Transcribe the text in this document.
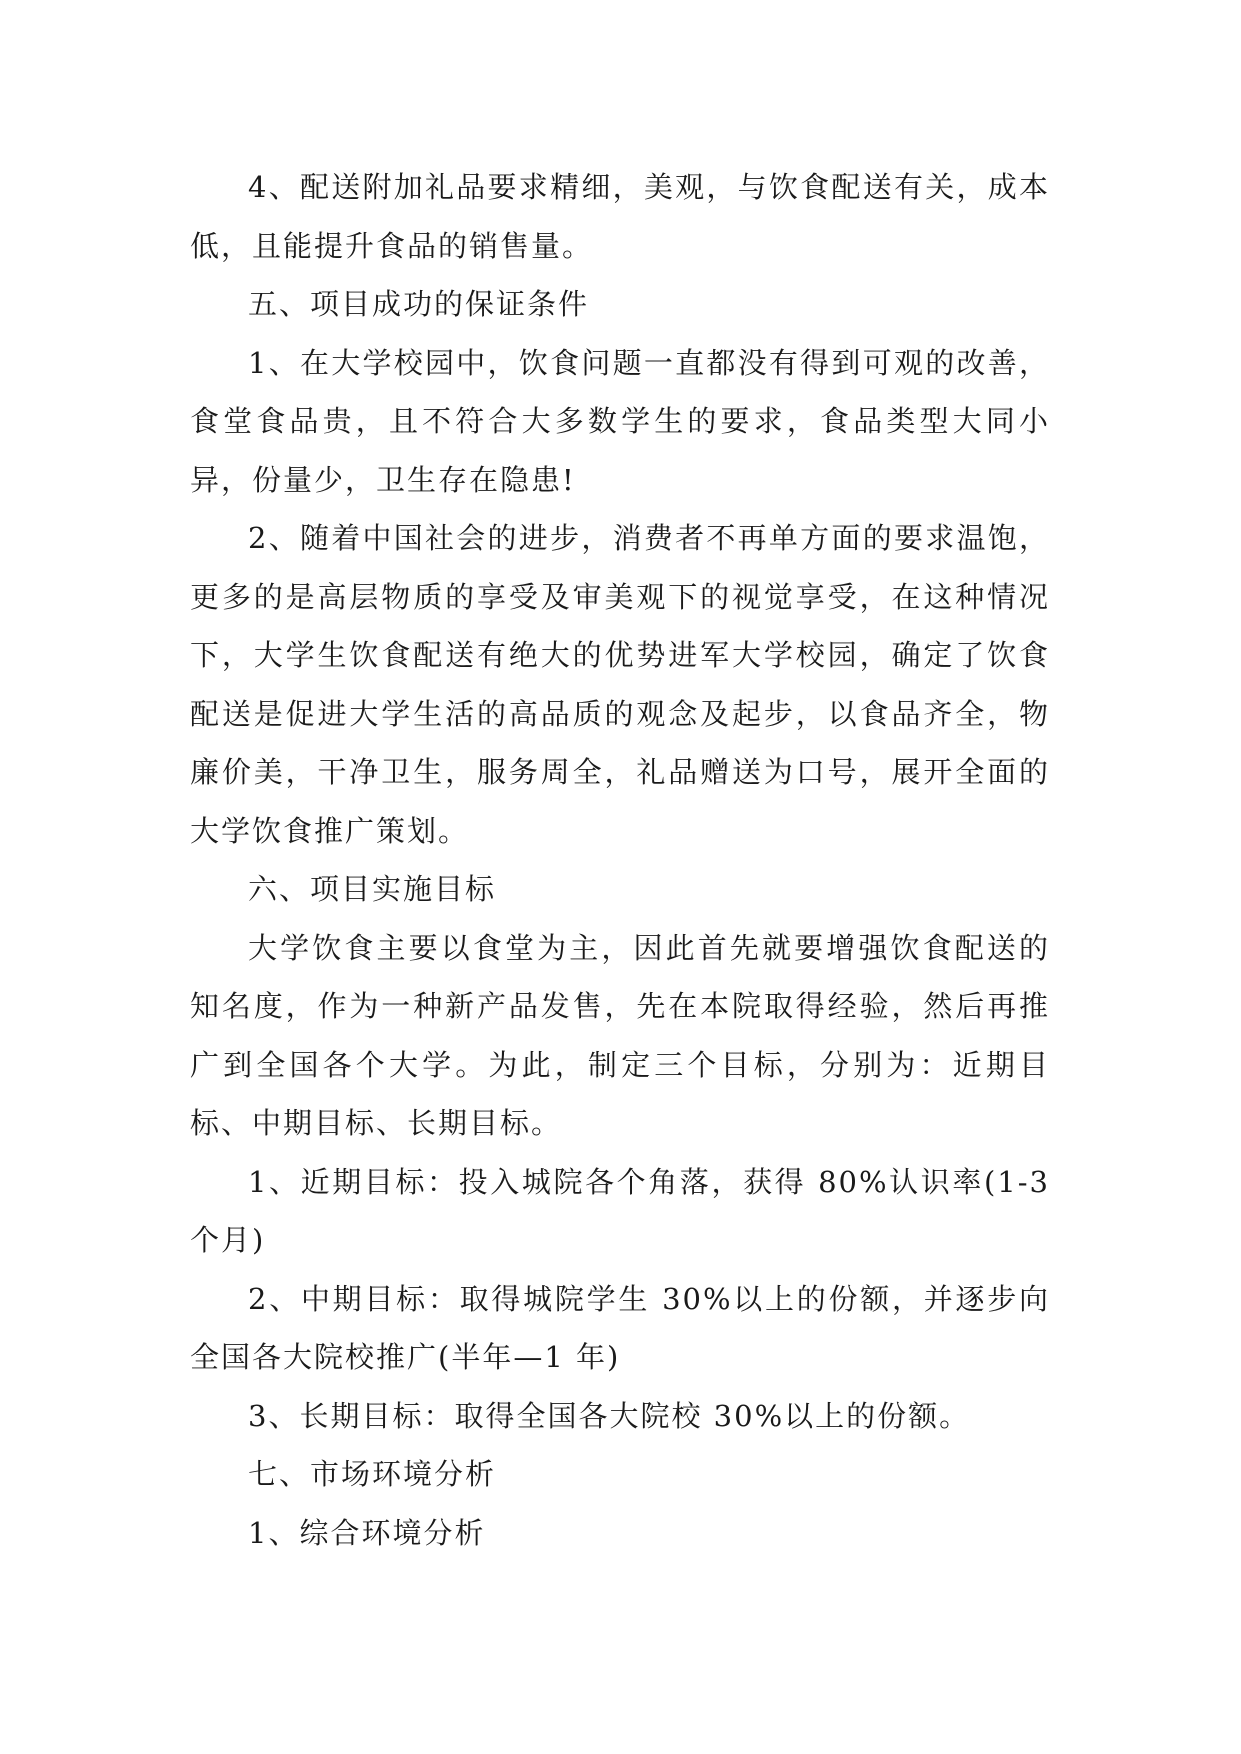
4、配送附加礼品要求精细，美观，与饮食配送有关，成本低，且能提升食品的销售量。

五、项目成功的保证条件

1、在大学校园中，饮食问题一直都没有得到可观的改善，食堂食品贵，且不符合大多数学生的要求，食品类型大同小异，份量少，卫生存在隐患!

2、随着中国社会的进步，消费者不再单方面的要求温饱，更多的是高层物质的享受及审美观下的视觉享受，在这种情况下，大学生饮食配送有绝大的优势进军大学校园，确定了饮食配送是促进大学生活的高品质的观念及起步，以食品齐全，物廉价美，干净卫生，服务周全，礼品赠送为口号，展开全面的大学饮食推广策划。

六、项目实施目标

大学饮食主要以食堂为主，因此首先就要增强饮食配送的知名度，作为一种新产品发售，先在本院取得经验，然后再推广到全国各个大学。为此，制定三个目标，分别为：近期目标、中期目标、长期目标。

1、近期目标：投入城院各个角落，获得 80%认识率(1-3个月)

2、中期目标：取得城院学生 30%以上的份额，并逐步向全国各大院校推广(半年—1 年)

3、长期目标：取得全国各大院校 30%以上的份额。

七、市场环境分析

1、综合环境分析
